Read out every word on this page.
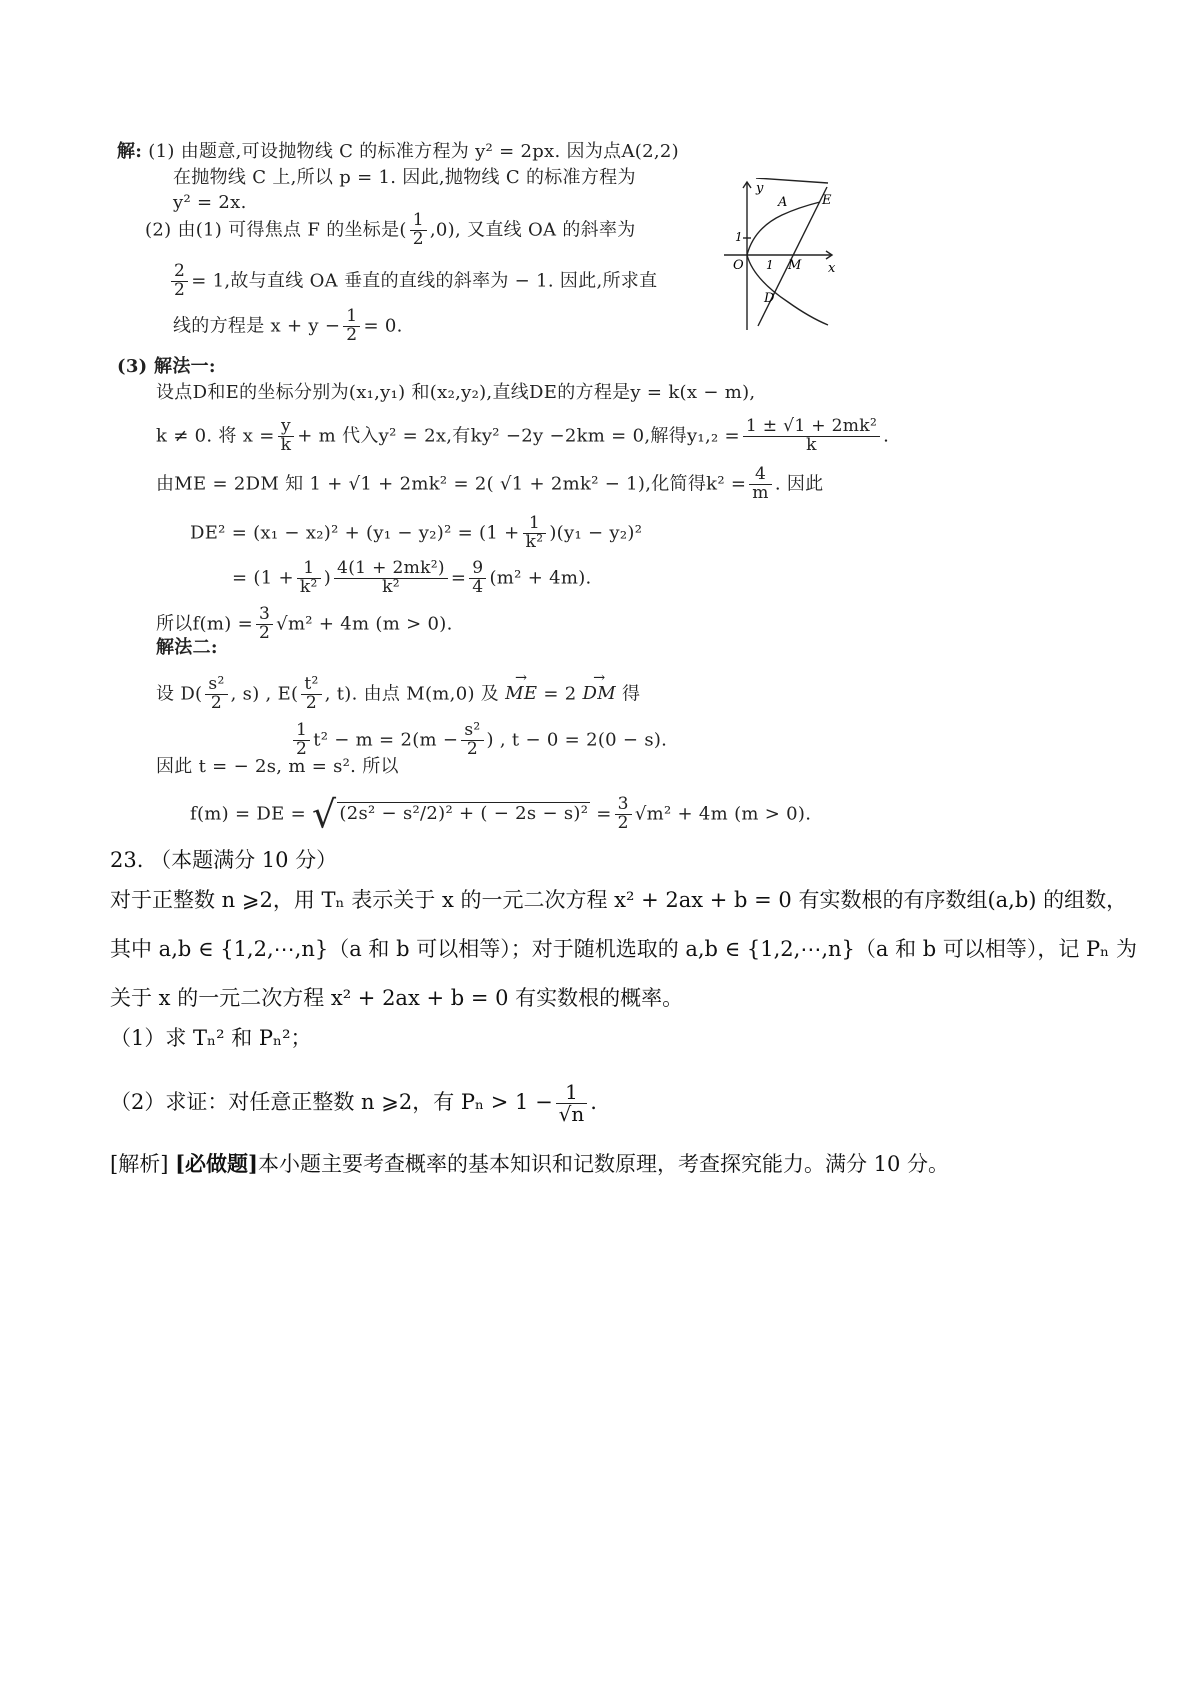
解: (1) 由题意,可设抛物线 C 的标准方程为 y² = 2px. 因为点A(2,2)
在抛物线 C 上,所以 p = 1. 因此,抛物线 C 的标准方程为
y² = 2x.
(2) 由(1) 可得焦点 F 的坐标是( $\frac{1}{2} ,0$), 又直线 OA 的斜率为
$\frac{2}{2} = 1$,故与直线 OA 垂直的直线的斜率为 − 1. 因此,所求直
线的方程是 $x + y - \frac{1}{2} = 0$.
y
x
A	E
O 1
1
M
D
(3) 解法一:
设点D和E的坐标分别为(x₁,y₁) 和(x₂,y₂),直线DE的方程是y = k(x − m),
k ≠ 0. 将 $x = \frac{y}{k} + m$ 代入y² = 2x,有ky² −2y −2km = 0,解得$y_1,_2 = \frac{\text{1 ± √1 + 2mk²}}{k}$ .
由ME = 2DM 知 1 + √1 + 2mk² = 2( √1 + 2mk² − 1),化简得$k^2 = \frac{4}{m}$ . 因此
$DE^2 = (x_1 - x_2)^2 + (y_1 - y_2)^2 = (1 + \frac{1}{\text{k²}} )(y_1 - y_2)^2$
= ($1 + \frac{1}{\text{k²}}$ ) $\frac{\text{4(1 + 2mk²)}}{\text{k²}} = \frac{9}{4} (m^2 + 4m)$.
所以$f(m) = \frac{3}{2} √m^2 + 4m$ (m > 0).
解法二:
设 $D( \frac{\text{s²}}{2}$ , s) , $E( \frac{\text{t²}}{2}$ , t). 由点 M(m,0) 及 → ME = 2 → DM 得
$\frac{1}{2} t^2 - m = 2(m - \frac{\text{s²}}{2}$ ) , t − 0 = 2(0 − s).
因此 t = − 2s, m = s². 所以
f(m) = DE = √ (2s² − s²/2)² + ( − $2s - s)^2 = \frac{3}{2} √m^2 + 4m$ (m > 0).
23. （本题满分 10 分）
对于正整数 n ⩾2，用 Tₙ 表示关于 x 的一元二次方程 x² + 2ax + b = 0 有实数根的有序数组(a,b) 的组数，
其中 a,b ∈ {1,2,⋯,n}（a 和 b 可以相等）；对于随机选取的 a,b ∈ {1,2,⋯,n}（a 和 b 可以相等），记 Pₙ 为
关于 x 的一元二次方程 x² + 2ax + b = 0 有实数根的概率。
（1）求 Tₙ² 和 Pₙ²；
（2）求证：对任意正整数 n ⩾2，有 $P_n > 1 - \frac{1}{√n}$ .
[解析] [必做题]本小题主要考查概率的基本知识和记数原理，考查探究能力。满分 10 分。
